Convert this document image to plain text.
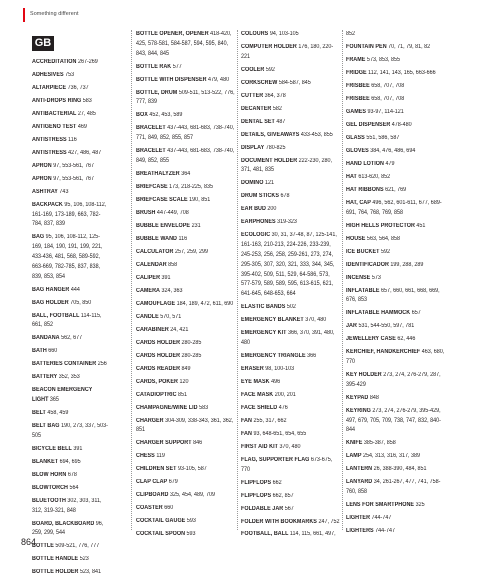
Something different
GB
ACCREDITATION 267-269
ADHESIVES 753
ALTARPIECE 736, 737
ANTI-DROPS RING 583
ANTIBACTERIAL 27, 485
ANTIGENO TEST 469
ANTISTRESS 116
ANTISTRESS 427, 486, 487
APRON 97, 553-561, 767
APRON 97, 553-561, 767
ASHTRAY 743
BACKPACK 95, 106, 108-112, 161-169, 173-189, 663, 782-784, 837, 839
BAG 95, 106, 108-112, 125-169, 184, 190, 191, 199, 221, 433-436, 481, 568, 589-592, 663-669, 782-785, 837, 838, 839, 853, 854
BAG HANGER 444
BAG HOLDER 705, 850
BALL, FOOTBALL 114-115, 661, 852
BANDANA 562, 677
BATH 660
BATTERIES CONTAINER 256
BATTERY 352, 353
BEACON EMERGENCY LIGHT 365
BELT 458, 459
BELT BAG 190, 273, 337, 503-505
BICYCLE BELL 391
BLANKET 694, 695
BLOW HORN 678
BLOWTORCH 564
BLUETOOTH 302, 303, 311, 312, 319-321, 848
BOARD, BLACKBOARD 96, 259, 299, 544
BOTTLE 509-521, 776, 777
BOTTLE HANDLE 523
BOTTLE HOLDER 523, 841
BOTTLE OPENER, OPENER 418-420, 425, 578-581, 584-587, 594, 595, 840, 843, 844, 845
BOTTLE RAK 577
BOTTLE WITH DISPENSER 479, 480
BOTTLE, DRUM 509-511, 513-522, 776, 777, 839
BOX 452, 453, 589
BRACELET 437-443, 681-683, 738-740, 771, 849, 852, 855, 857
BRACELET 437-443, 681-683, 738-740, 849, 852, 855
BREATHALYZER 364
BRIEFCASE 173, 218-225, 835
BRIEFCASE SCALE 190, 851
BRUSH 447-449, 708
BUBBLE ENVELOPE 231
BUBBLE WAND 116
CALCULATOR 257, 259, 299
CALENDAR 858
CALIPER 391
CAMERA 324, 363
CAMOUFLAGE 184, 189, 472, 611, 690
CANDLE 570, 571
CARABINER 24, 421
CARDS HOLDER 280-285
CARDS HOLDER 280-285
CARDS READER 849
CARDS, POKER 120
CATADIOPTRIC 851
CHAMPAGNE/WINE LID 583
CHARGER 304-309, 338-343, 361, 362, 851
CHARGER SUPPORT 846
CHESS 119
CHILDREN SET 93-105, 587
CLAP CLAP 679
CLIPBOARD 325, 454, 489, 709
COASTER 660
COCKTAIL GAUGE 593
COCKTAIL SPOON 593
COLOURS 94, 103-105
COMPUTER HOLDER 176, 180, 220-221
COOLER 592
CORKSCREW 584-587, 845
CUTTER 364, 378
DECANTER 582
DENTAL SET 487
DETAILS, GIVEAWAYS 433-453, 855
DISPLAY 780-825
DOCUMENT HOLDER 222-230, 280, 371, 481, 835
DOMINO 121
DRUM STICKS 678
EAR BUD 200
EARPHONES 319-323
ECOLOGIC 30, 31, 37-48, 87, 125-141, 161-163, 210-213, 224-226, 233-239, 245-253, 256, 258, 259-261, 273, 274, 295-305, 307, 320, 321, 333, 344, 345, 395-402, 509, 511, 529, 64-586, 573, 577-579, 589, 589, 595, 613-615, 621, 641-645, 648-653, 664
ELASTIC BANDS 502
EMERGENCY BLANKET 370, 480
EMERGENCY KIT 366, 370, 391, 480, 480
EMERGENCY TRIANGLE 366
ERASER 98, 100-103
EYE MASK 496
FACE MASK 200, 201
FACE SHIELD 476
FAN 255, 317, 662
FAN 93, 648-651, 654, 655
FIRST AID KIT 370, 480
FLAG, SUPPORTER FLAG 673-675, 770
FLIPFLOPS 662
FLIPFLOPS 662, 857
FOLDABLE JAR 567
FOLDER WITH BOOKMARKS 247, 752
FOOTBALL, BALL 114, 115, 661, 497,
852
FOUNTAIN PEN 70, 71, 79, 81, 82
FRAME 573, 853, 855
FRIDGE 112, 141, 143, 165, 663-666
FRISBEE 658, 707, 708
FRISBEE 658, 707, 708
GAMES 93-97, 114-121
GEL DISPENSER 478-480
GLASS 551, 586, 587
GLOVES 384, 476, 486, 694
HAND LOTION 479
HAT 613-620, 852
HAT RIBBONS 621, 769
HAT, CAP 496, 562, 601-611, 677, 689-691, 764, 768, 769, 858
HIGH HELLS PROTECTOR 451
HOUSE 563, 564, 858
ICE BUCKET 592
IDENTIFICADOR 199, 288, 289
INCENSE 573
INFLATABLE 657, 660, 661, 668, 669, 676, 853
INFLATABLE HAMMOCK 657
JAR 531, 544-550, 597, 781
JEWELLERY CASE 62, 446
KERCHIEF, HANDKERCHIEF 463, 680, 770
KEY HOLDER 273, 274, 276-279, 287, 395-429
KEYPAD 848
KEYRING 273, 274, 276-279, 395-429, 497, 679, 705, 709, 738, 747, 832, 840-844
KNIFE 385-387, 858
LAMP 254, 313, 316, 317, 389
LANTERN 26, 388-390, 484, 851
LANYARD 34, 261-267, 477, 741, 758-760, 858
LENS FOR SMARTPHONE 325
LIGHTER 744-747
LIGHTERS 744-747
864
